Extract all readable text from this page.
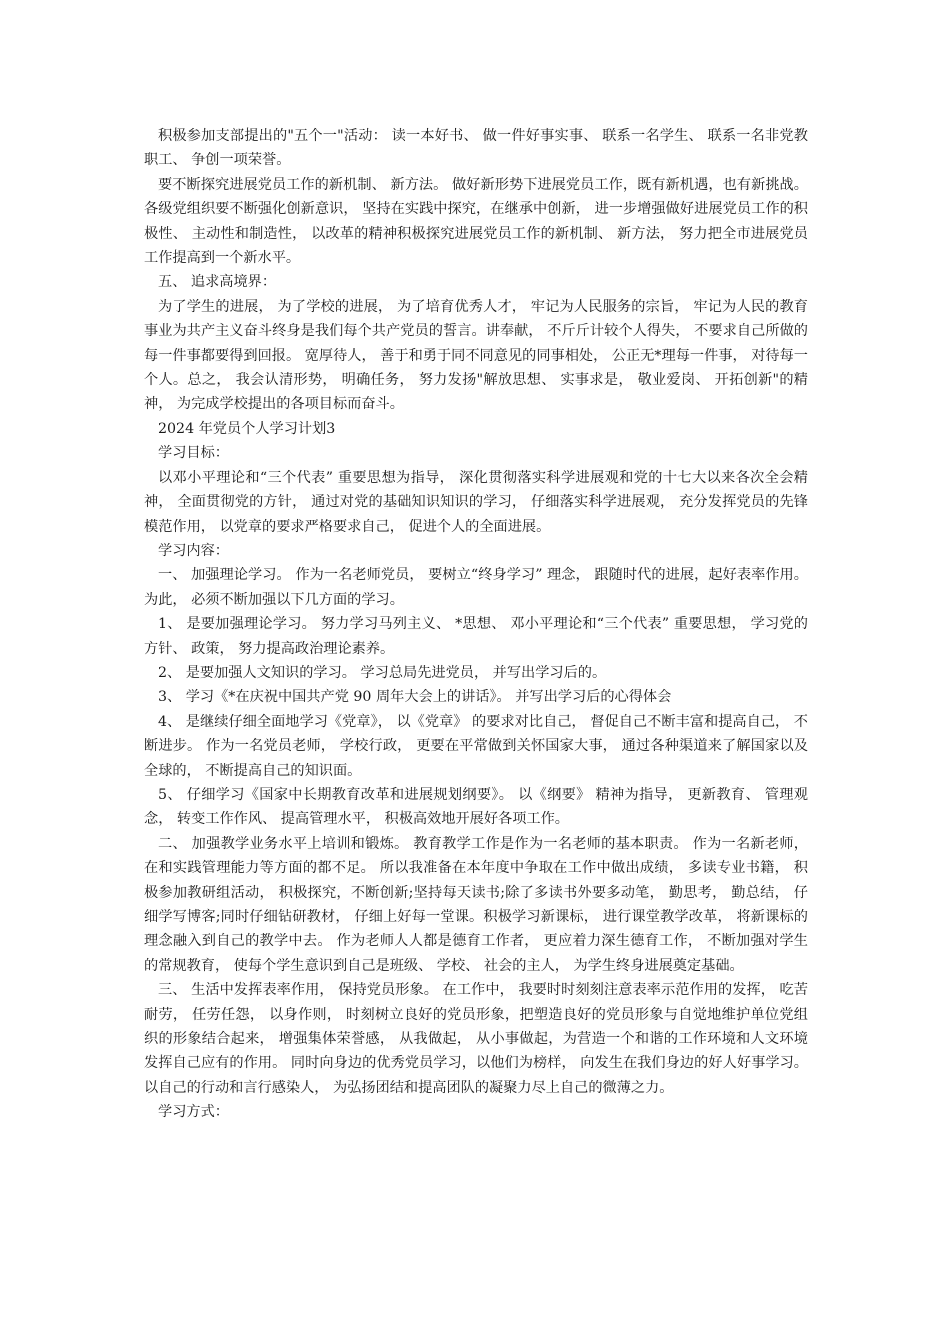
积极参加支部提出的"五个一"活动： 读一本好书、 做一件好事实事、 联系一名学生、 联系一名非党教职工、 争创一项荣誉。

要不断探究进展党员工作的新机制、 新方法。 做好新形势下进展党员工作，既有新机遇，也有新挑战。各级党组织要不断强化创新意识， 坚持在实践中探究，在继承中创新， 进一步增强做好进展党员工作的积极性、 主动性和制造性， 以改革的精神积极探究进展党员工作的新机制、 新方法， 努力把全市进展党员工作提高到一个新水平。

五、 追求高境界：

为了学生的进展， 为了学校的进展， 为了培育优秀人才， 牢记为人民服务的宗旨， 牢记为人民的教育事业为共产主义奋斗终身是我们每个共产党员的誓言。讲奉献， 不斤斤计较个人得失， 不要求自己所做的每一件事都要得到回报。 宽厚待人， 善于和勇于同不同意见的同事相处， 公正无*理每一件事， 对待每一个人。总之， 我会认清形势， 明确任务， 努力发扬"解放思想、 实事求是， 敬业爱岗、 开拓创新"的精神， 为完成学校提出的各项目标而奋斗。

2024 年党员个人学习计划3

学习目标：

以邓小平理论和“三个代表” 重要思想为指导， 深化贯彻落实科学进展观和党的十七大以来各次全会精神， 全面贯彻党的方针， 通过对党的基础知识知识的学习， 仔细落实科学进展观， 充分发挥党员的先锋模范作用， 以党章的要求严格要求自己， 促进个人的全面进展。

学习内容：

一、 加强理论学习。 作为一名老师党员， 要树立“终身学习” 理念， 跟随时代的进展，起好表率作用。 为此， 必须不断加强以下几方面的学习。

1、 是要加强理论学习。 努力学习马列主义、 *思想、 邓小平理论和“三个代表” 重要思想， 学习党的方针、 政策， 努力提高政治理论素养。

2、 是要加强人文知识的学习。 学习总局先进党员， 并写出学习后的。

3、 学习《*在庆祝中国共产党 90 周年大会上的讲话》。 并写出学习后的心得体会

4、 是继续仔细全面地学习《党章》， 以《党章》 的要求对比自己， 督促自己不断丰富和提高自己， 不断进步。 作为一名党员老师， 学校行政， 更要在平常做到关怀国家大事， 通过各种渠道来了解国家以及全球的， 不断提高自己的知识面。

5、 仔细学习《国家中长期教育改革和进展规划纲要》。 以《纲要》 精神为指导， 更新教育、 管理观念， 转变工作作风、 提高管理水平， 积极高效地开展好各项工作。

二、 加强教学业务水平上培训和锻炼。 教育教学工作是作为一名老师的基本职责。 作为一名新老师， 在和实践管理能力等方面的都不足。 所以我准备在本年度中争取在工作中做出成绩， 多读专业书籍， 积极参加教研组活动， 积极探究，不断创新;坚持每天读书;除了多读书外要多动笔， 勤思考， 勤总结， 仔细学写博客;同时仔细钻研教材， 仔细上好每一堂课。积极学习新课标， 进行课堂教学改革， 将新课标的理念融入到自己的教学中去。 作为老师人人都是德育工作者， 更应着力深生德育工作， 不断加强对学生的常规教育， 使每个学生意识到自己是班级、 学校、 社会的主人， 为学生终身进展奠定基础。

三、 生活中发挥表率作用， 保持党员形象。 在工作中， 我要时时刻刻注意表率示范作用的发挥， 吃苦耐劳， 任劳任怨， 以身作则， 时刻树立良好的党员形象，把塑造良好的党员形象与自觉地维护单位党组织的形象结合起来， 增强集体荣誉感， 从我做起， 从小事做起，为营造一个和谐的工作环境和人文环境发挥自己应有的作用。 同时向身边的优秀党员学习，以他们为榜样， 向发生在我们身边的好人好事学习。 以自己的行动和言行感染人， 为弘扬团结和提高团队的凝聚力尽上自己的微薄之力。

学习方式：
